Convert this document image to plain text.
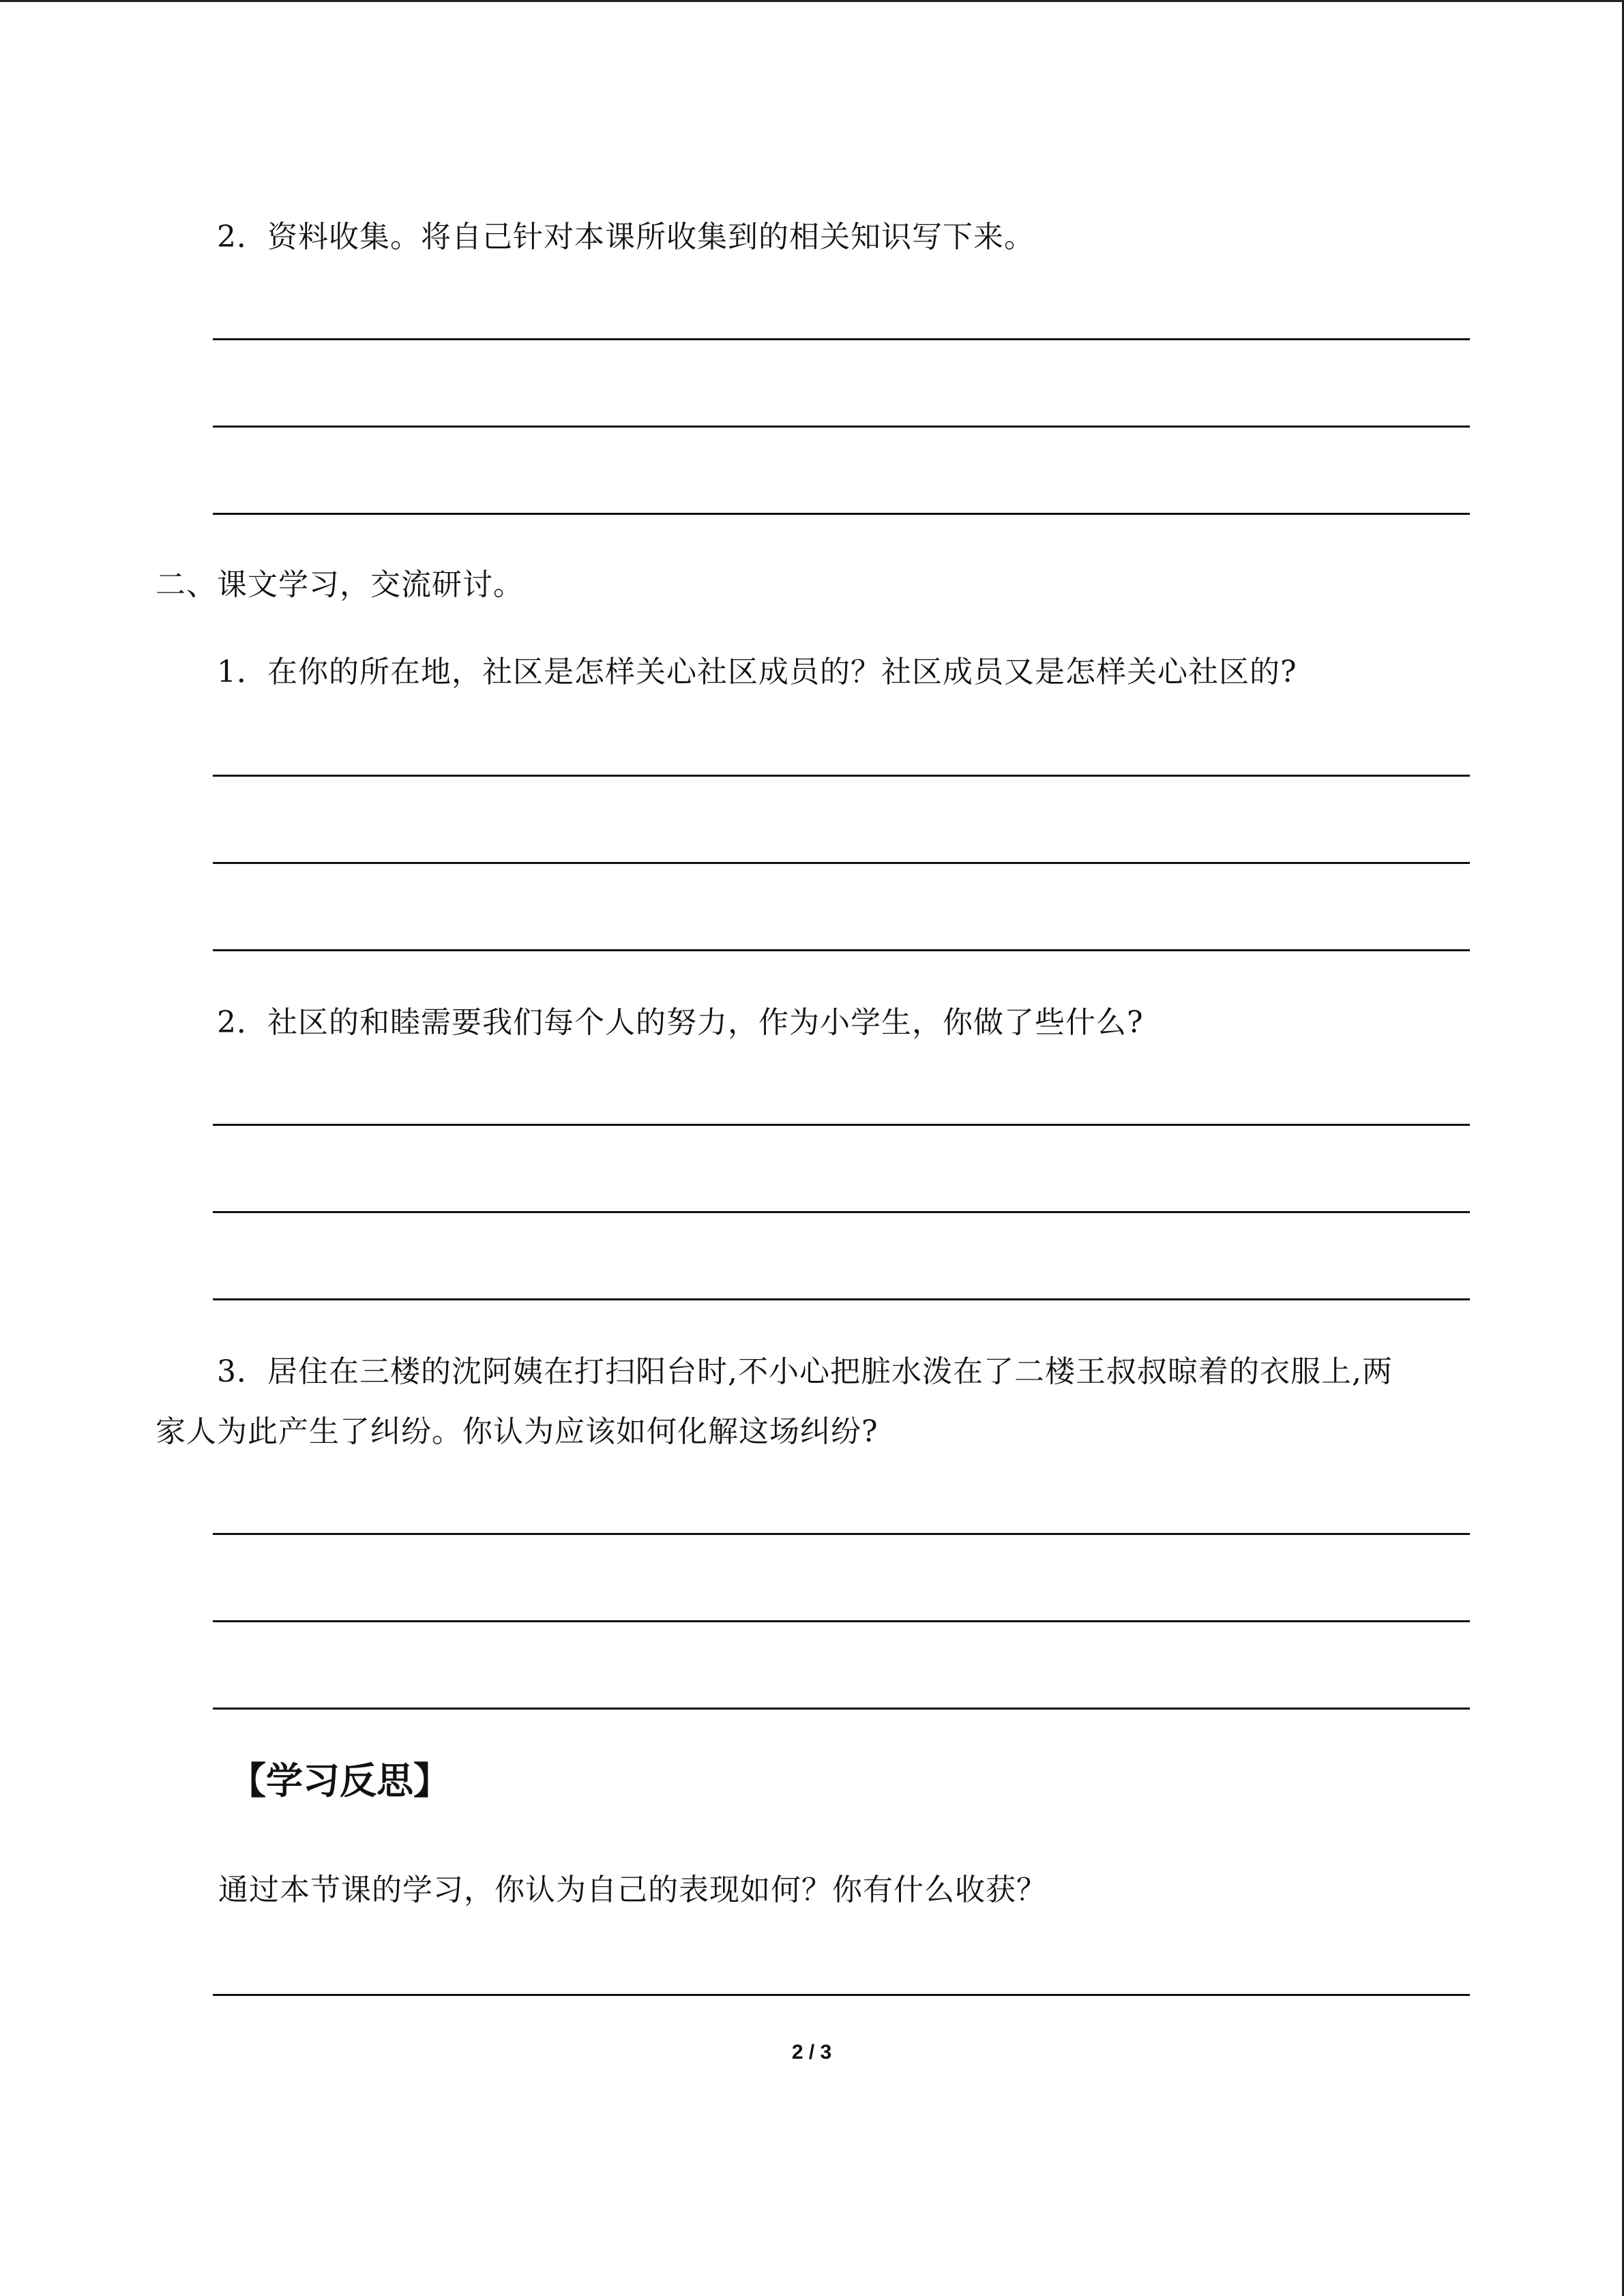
2．资料收集。将自己针对本课所收集到的相关知识写下来。
二、课文学习，交流研讨。
1．在你的所在地，社区是怎样关心社区成员的？社区成员又是怎样关心社区的?
2．社区的和睦需要我们每个人的努力，作为小学生，你做了些什么?
3．居住在三楼的沈阿姨在打扫阳台时,不小心把脏水泼在了二楼王叔叔晾着的衣服上,两
家人为此产生了纠纷。你认为应该如何化解这场纠纷?
【学习反思】
通过本节课的学习，你认为自己的表现如何？你有什么收获？
2 / 3
